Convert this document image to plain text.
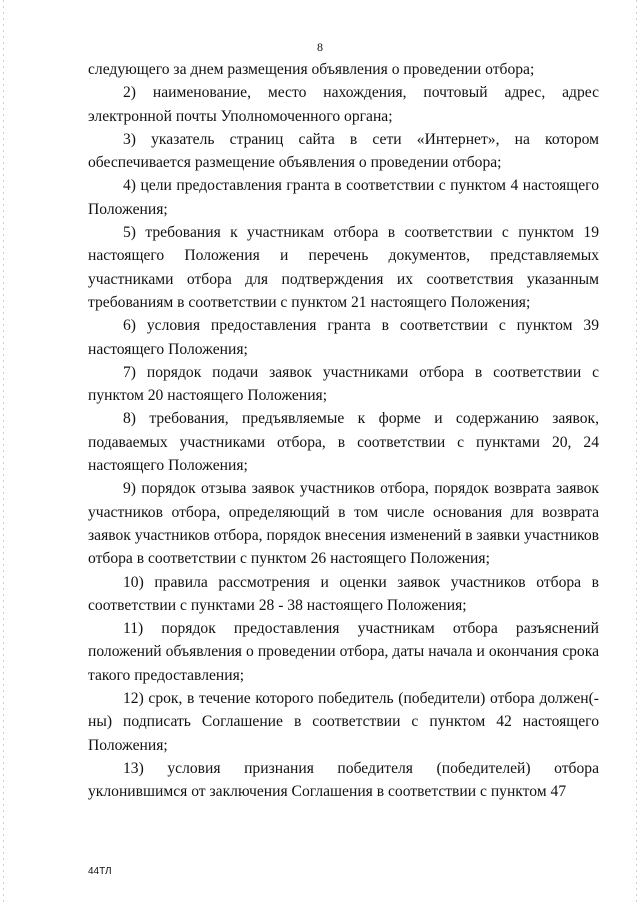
8

следующего за днем размещения объявления о проведении отбора;

2) наименование, место нахождения, почтовый адрес, адрес электронной почты Уполномоченного органа;

3) указатель страниц сайта в сети «Интернет», на котором обеспечивается размещение объявления о проведении отбора;

4) цели предоставления гранта в соответствии с пунктом 4 настоящего Положения;

5) требования к участникам отбора в соответствии с пунктом 19 настоящего Положения и перечень документов, представляемых участниками отбора для подтверждения их соответствия указанным требованиям в соответствии с пунктом 21 настоящего Положения;

6) условия предоставления гранта в соответствии с пунктом 39 настоящего Положения;

7) порядок подачи заявок участниками отбора в соответствии с пунктом 20 настоящего Положения;

8) требования, предъявляемые к форме и содержанию заявок, подаваемых участниками отбора, в соответствии с пунктами 20, 24 настоящего Положения;

9) порядок отзыва заявок участников отбора, порядок возврата заявок участников отбора, определяющий в том числе основания для возврата заявок участников отбора, порядок внесения изменений в заявки участников отбора в соответствии с пунктом 26 настоящего Положения;

10) правила рассмотрения и оценки заявок участников отбора в соответствии с пунктами 28 - 38 настоящего Положения;

11) порядок предоставления участникам отбора разъяснений положений объявления о проведении отбора, даты начала и окончания срока такого предоставления;

12) срок, в течение которого победитель (победители) отбора должен(-ны) подписать Соглашение в соответствии с пунктом 42 настоящего Положения;

13) условия признания победителя (победителей) отбора уклонившимся от заключения Соглашения в соответствии с пунктом 47

44ТЛ
